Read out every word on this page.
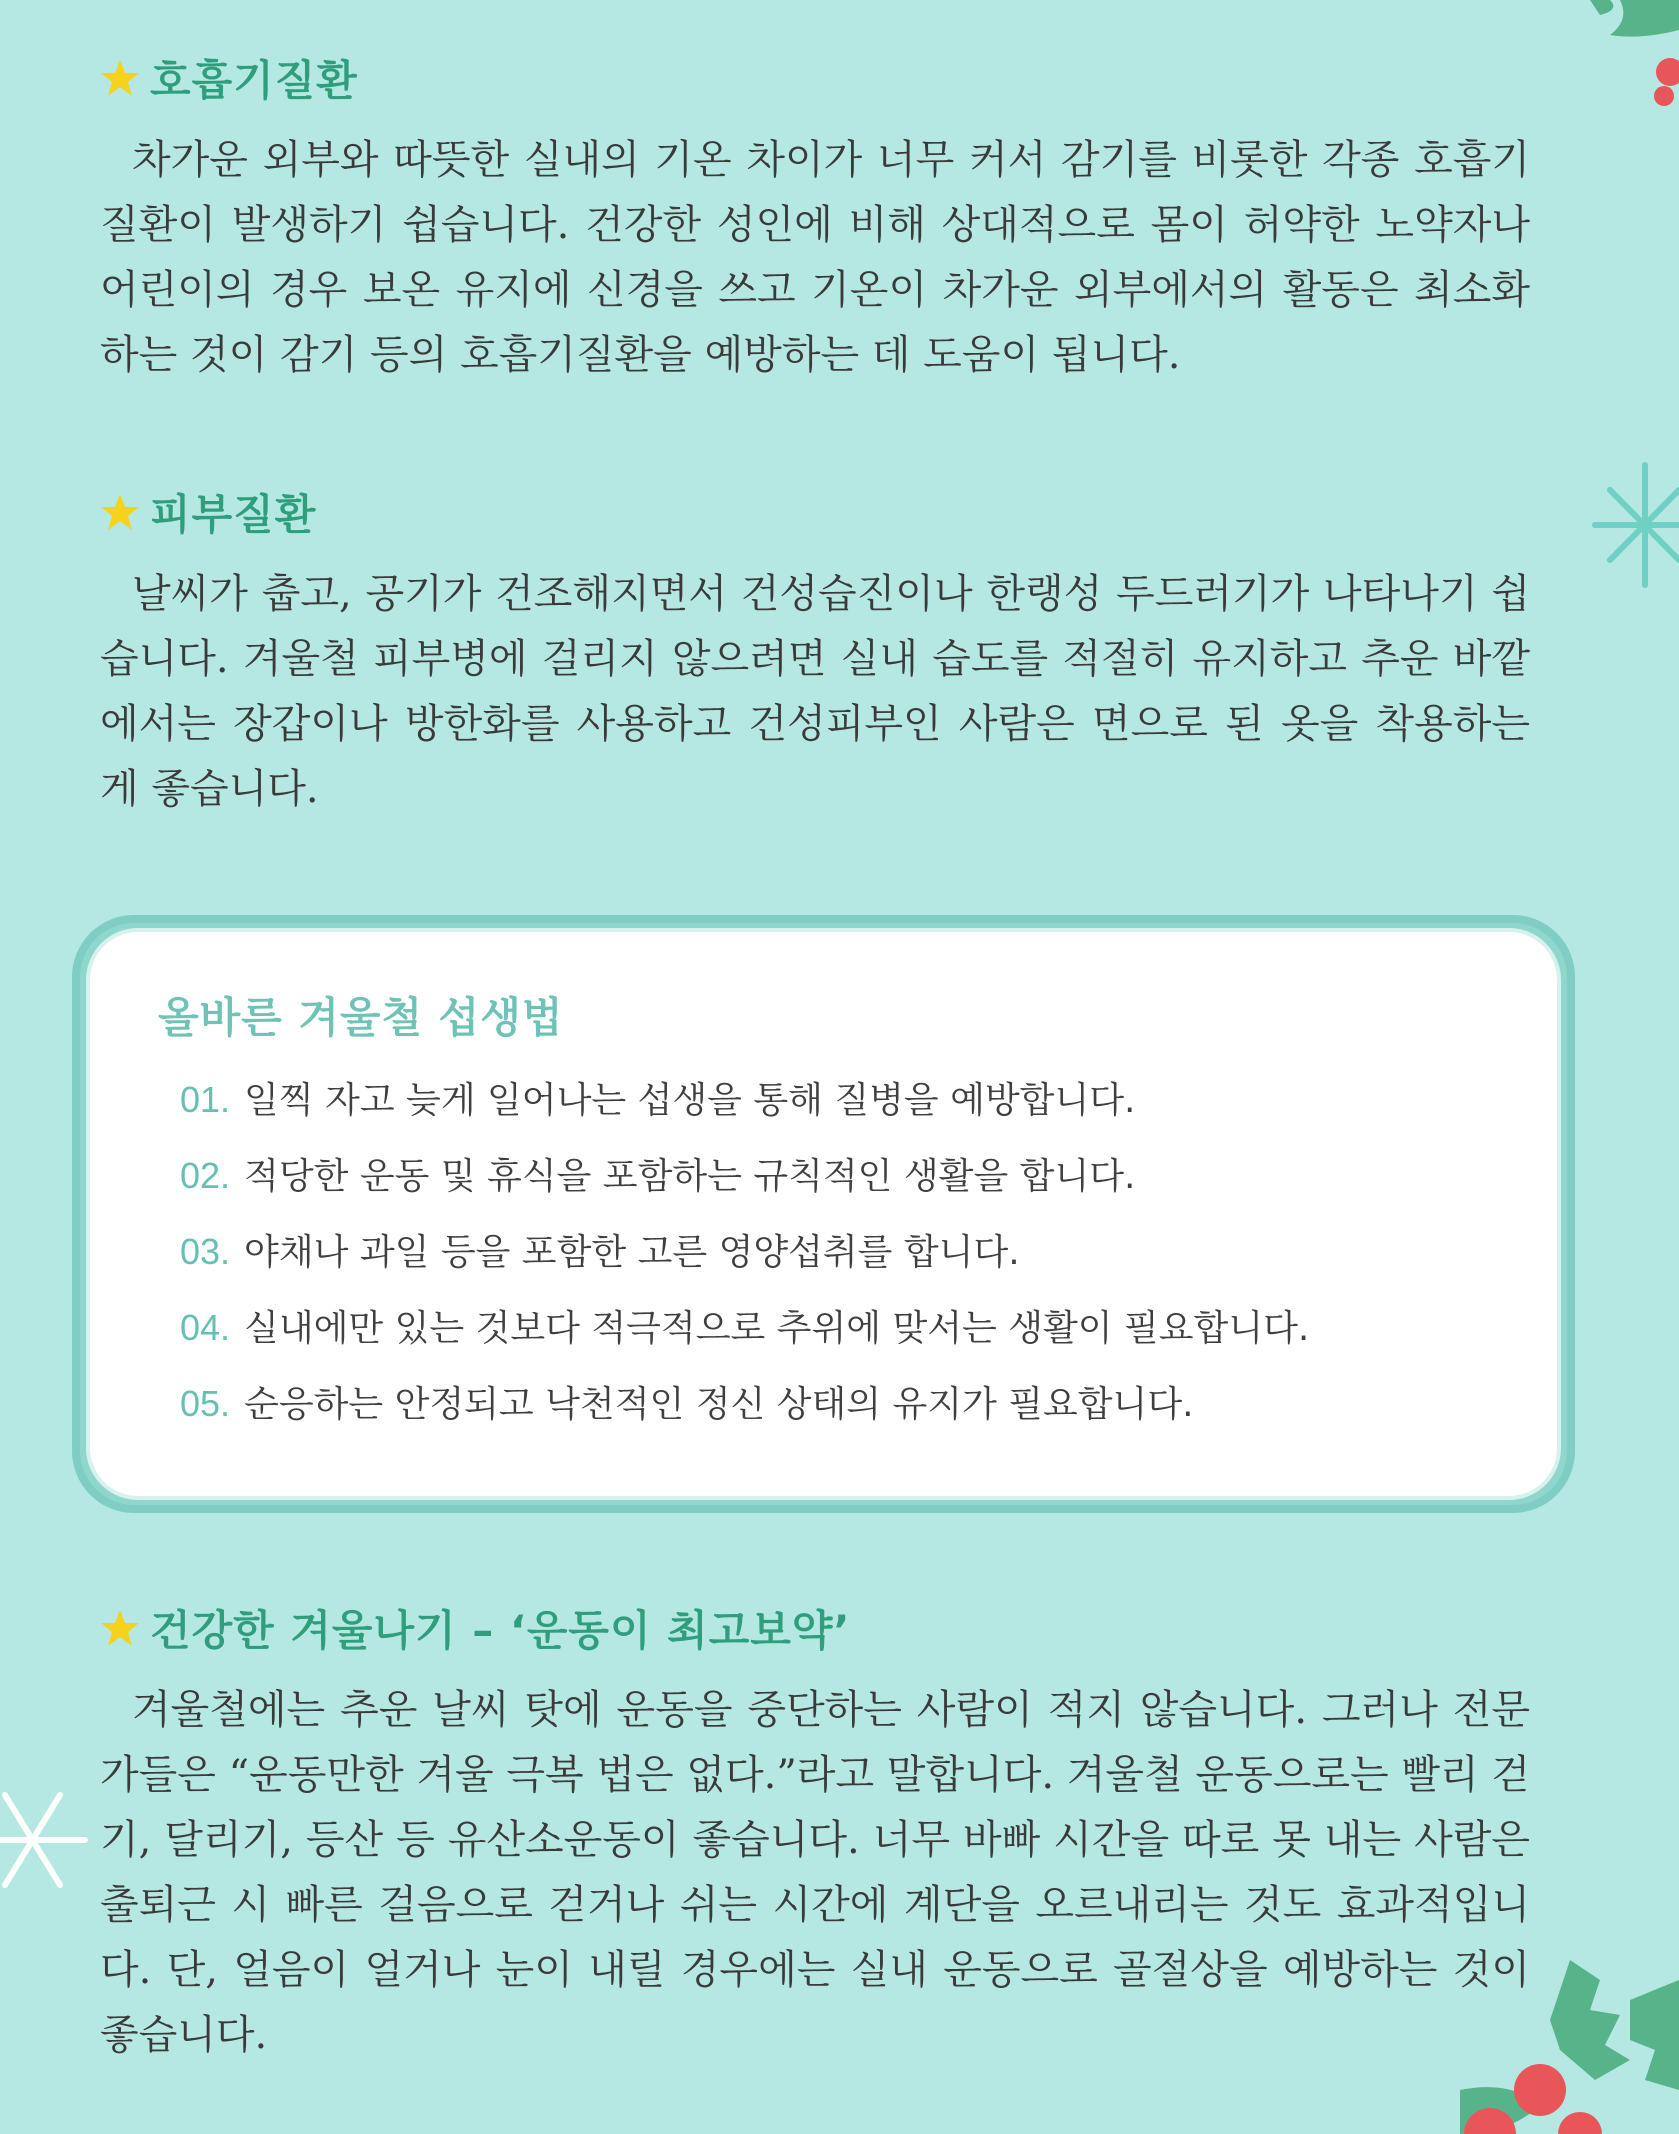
호흡기질환
차가운 외부와 따뜻한 실내의 기온 차이가 너무 커서 감기를 비롯한 각종 호흡기질환이 발생하기 쉽습니다. 건강한 성인에 비해 상대적으로 몸이 허약한 노약자나 어린이의 경우 보온 유지에 신경을 쓰고 기온이 차가운 외부에서의 활동은 최소화하는 것이 감기 등의 호흡기질환을 예방하는 데 도움이 됩니다.
피부질환
날씨가 춥고, 공기가 건조해지면서 건성습진이나 한랭성 두드러기가 나타나기 쉽습니다. 겨울철 피부병에 걸리지 않으려면 실내 습도를 적절히 유지하고 추운 바깥에서는 장갑이나 방한화를 사용하고 건성피부인 사람은 면으로 된 옷을 착용하는 게 좋습니다.
올바른 겨울철 섭생법
01. 일찍 자고 늦게 일어나는 섭생을 통해 질병을 예방합니다.
02. 적당한 운동 및 휴식을 포함하는 규칙적인 생활을 합니다.
03. 야채나 과일 등을 포함한 고른 영양섭취를 합니다.
04. 실내에만 있는 것보다 적극적으로 추위에 맞서는 생활이 필요합니다.
05. 순응하는 안정되고 낙천적인 정신 상태의 유지가 필요합니다.
건강한 겨울나기 – ‘운동이 최고보약’
겨울철에는 추운 날씨 탓에 운동을 중단하는 사람이 적지 않습니다. 그러나 전문가들은 “운동만한 겨울 극복 법은 없다.”라고 말합니다. 겨울철 운동으로는 빨리 걷기, 달리기, 등산 등 유산소운동이 좋습니다. 너무 바빠 시간을 따로 못 내는 사람은 출퇴근 시 빠른 걸음으로 걷거나 쉬는 시간에 계단을 오르내리는 것도 효과적입니다. 단, 얼음이 얼거나 눈이 내릴 경우에는 실내 운동으로 골절상을 예방하는 것이 좋습니다.
